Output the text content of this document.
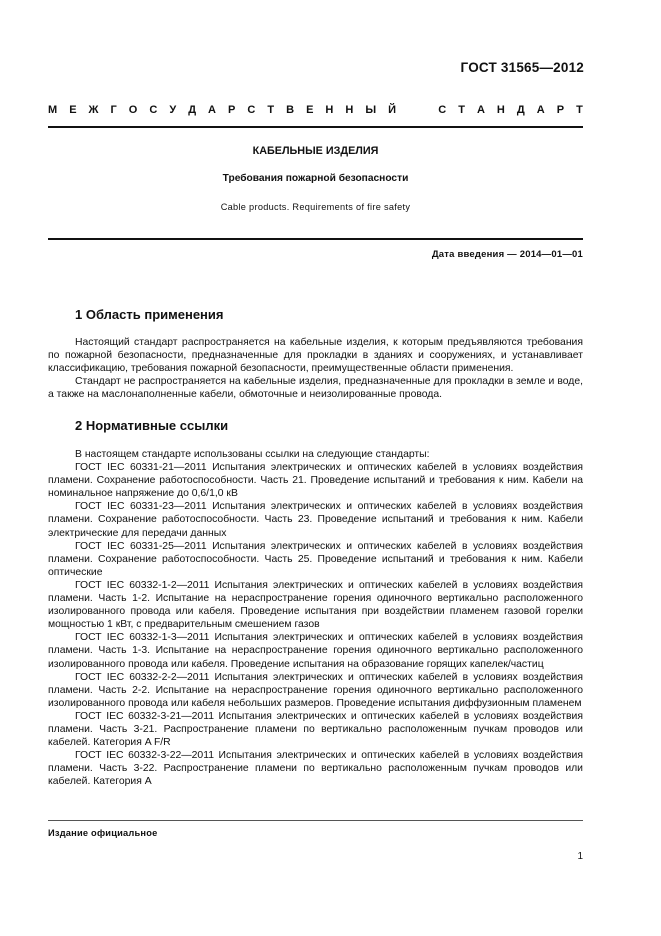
ГОСТ 31565—2012
М Е Ж Г О С У Д А Р С Т В Е Н Н Ы Й

	С Т А Н Д А Р Т
КАБЕЛЬНЫЕ ИЗДЕЛИЯ
Требования пожарной безопасности
Cable products. Requirements of fire safety
Дата введения — 2014—01—01
1 Область применения

Настоящий стандарт распространяется на кабельные изделия, к которым предъявляются требования по пожарной безопасности, предназначенные для прокладки в зданиях и сооружениях, и устанавливает классификацию, требования пожарной безопасности, преимущественные области применения.

Стандарт не распространяется на кабельные изделия, предназначенные для прокладки в земле и воде, а также на маслонаполненные кабели, обмоточные и неизолированные провода.

2 Нормативные ссылки

В настоящем стандарте использованы ссылки на следующие стандарты:

ГОСТ IEC 60331-21—2011 Испытания электрических и оптических кабелей в условиях воздействия пламени. Сохранение работоспособности. Часть 21. Проведение испытаний и требования к ним. Кабели на номинальное напряжение до 0,6/1,0 кВ

ГОСТ IEC 60331-23—2011 Испытания электрических и оптических кабелей в условиях воздействия пламени. Сохранение работоспособности. Часть 23. Проведение испытаний и требования к ним. Кабели электрические для передачи данных

ГОСТ IEC 60331-25—2011 Испытания электрических и оптических кабелей в условиях воздействия пламени. Сохранение работоспособности. Часть 25. Проведение испытаний и требования к ним. Кабели оптические

ГОСТ IEC 60332-1-2—2011 Испытания электрических и оптических кабелей в условиях воздействия пламени. Часть 1-2. Испытание на нераспространение горения одиночного вертикально расположенного изолированного провода или кабеля. Проведение испытания при воздействии пламенем газовой горелки мощностью 1 кВт, с предварительным смешением газов

ГОСТ IEC 60332-1-3—2011 Испытания электрических и оптических кабелей в условиях воздействия пламени. Часть 1-3. Испытание на нераспространение горения одиночного вертикально расположенного изолированного провода или кабеля. Проведение испытания на образование горящих капелек/частиц

ГОСТ IEC 60332-2-2—2011 Испытания электрических и оптических кабелей в условиях воздействия пламени. Часть 2-2. Испытание на нераспространение горения одиночного вертикально расположенного изолированного провода или кабеля небольших размеров. Проведение испытания диффузионным пламенем

ГОСТ IEC 60332-3-21—2011 Испытания электрических и оптических кабелей в условиях воздействия пламени. Часть 3-21. Распространение пламени по вертикально расположенным пучкам проводов или кабелей. Категория A F/R

ГОСТ IEC 60332-3-22—2011 Испытания электрических и оптических кабелей в условиях воздействия пламени. Часть 3-22. Распространение пламени по вертикально расположенным пучкам проводов или кабелей. Категория A

Издание официальное
1
